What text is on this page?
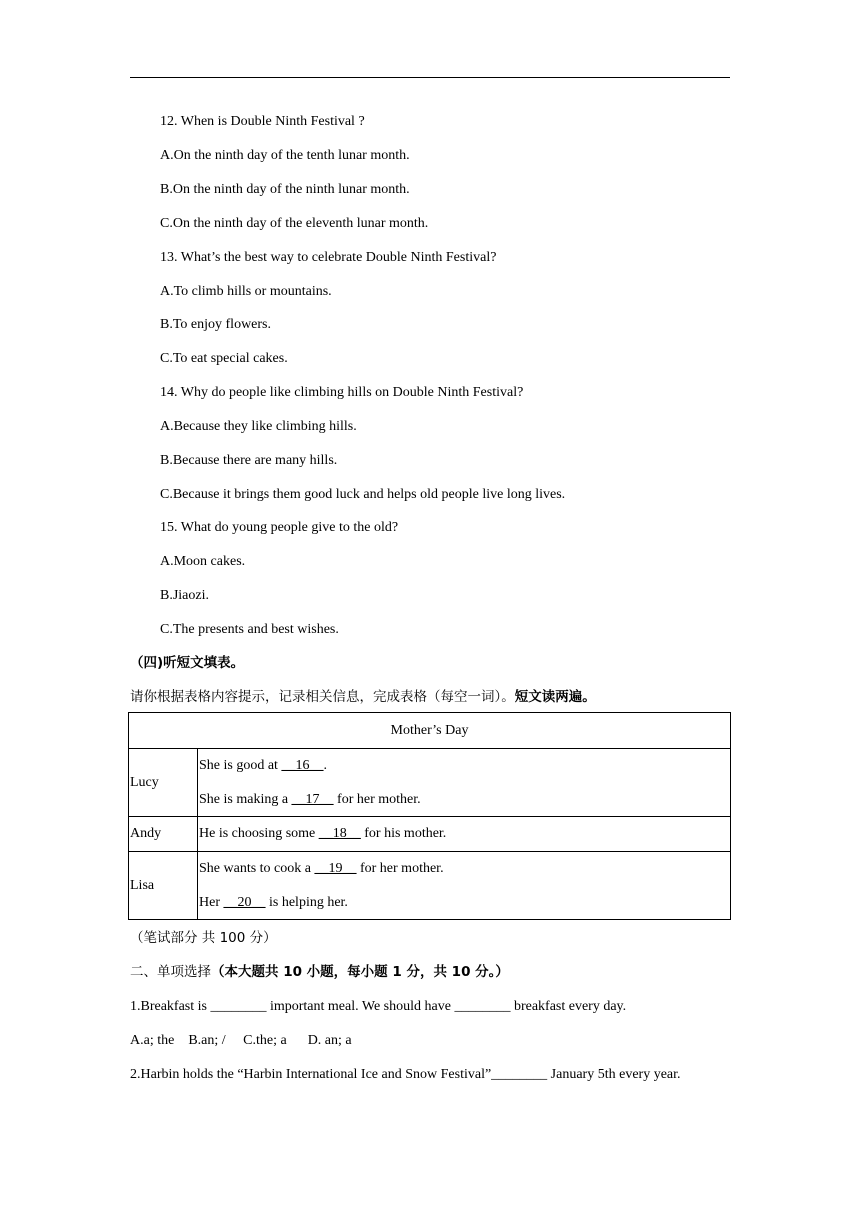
12. When is Double Ninth Festival ?
A.On the ninth day of the tenth lunar month.
B.On the ninth day of the ninth lunar month.
C.On the ninth day of the eleventh lunar month.
13. What’s the best way to celebrate Double Ninth Festival?
A.To climb hills or mountains.
B.To enjoy flowers.
C.To eat special cakes.
14. Why do people like climbing hills on Double Ninth Festival?
A.Because they like climbing hills.
B.Because there are many hills.
C.Because it brings them good luck and helps old people live long lives.
15. What do young people give to the old?
A.Moon cakes.
B.Jiaozi.
C.The presents and best wishes.
（四)听短文填表。
请你根据表格内容提示，记录相关信息，完成表格（每空一词）。短文读两遍。
Mother’s Day
Lucy
She is good at __16__.
She is making a __17__ for her mother.
Andy	He is choosing some __18__ for his mother.
Lisa
She wants to cook a __19__ for her mother.
Her __20__ is helping her.
（笔试部分 共 100 分）
二、单项选择（本大题共 10 小题，每小题 1 分，共 10 分。）
1.Breakfast is ________ important meal. We should have ________ breakfast every day.
A.a; the    B.an; /     C.the; a      D. an; a
2.Harbin holds the “Harbin International Ice and Snow Festival”________ January 5th every year.
